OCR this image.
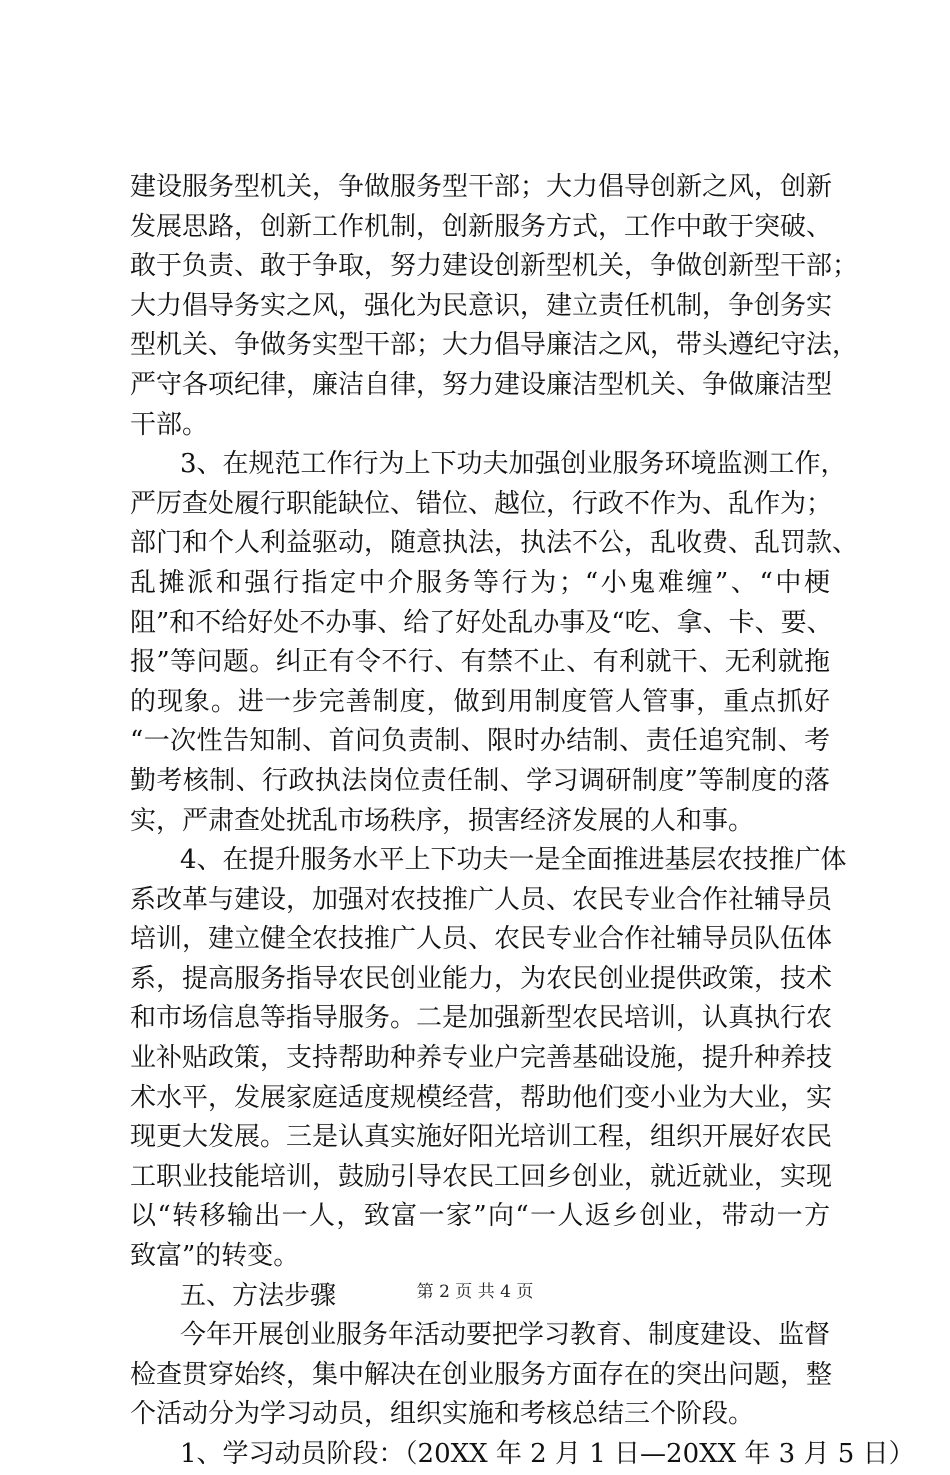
建设服务型机关，争做服务型干部；大力倡导创新之风，创新
发展思路，创新工作机制，创新服务方式，工作中敢于突破、
敢于负责、敢于争取，努力建设创新型机关，争做创新型干部；
大力倡导务实之风，强化为民意识，建立责任机制，争创务实
型机关、争做务实型干部；大力倡导廉洁之风，带头遵纪守法，
严守各项纪律，廉洁自律，努力建设廉洁型机关、争做廉洁型
干部。
3、在规范工作行为上下功夫加强创业服务环境监测工作，
严厉查处履行职能缺位、错位、越位，行政不作为、乱作为；
部门和个人利益驱动，随意执法，执法不公，乱收费、乱罚款、
乱摊派和强行指定中介服务等行为；“小鬼难缠”、“中梗
阻”和不给好处不办事、给了好处乱办事及“吃、拿、卡、要、
报”等问题。纠正有令不行、有禁不止、有利就干、无利就拖
的现象。进一步完善制度，做到用制度管人管事，重点抓好
“一次性告知制、首问负责制、限时办结制、责任追究制、考
勤考核制、行政执法岗位责任制、学习调研制度”等制度的落
实，严肃查处扰乱市场秩序，损害经济发展的人和事。
4、在提升服务水平上下功夫一是全面推进基层农技推广体
系改革与建设，加强对农技推广人员、农民专业合作社辅导员
培训，建立健全农技推广人员、农民专业合作社辅导员队伍体
系，提高服务指导农民创业能力，为农民创业提供政策，技术
和市场信息等指导服务。二是加强新型农民培训，认真执行农
业补贴政策，支持帮助种养专业户完善基础设施，提升种养技
术水平，发展家庭适度规模经营，帮助他们变小业为大业，实
现更大发展。三是认真实施好阳光培训工程，组织开展好农民
工职业技能培训，鼓励引导农民工回乡创业，就近就业，实现
以“转移输出一人，致富一家”向“一人返乡创业，带动一方
致富”的转变。
五、方法步骤
今年开展创业服务年活动要把学习教育、制度建设、监督
检查贯穿始终，集中解决在创业服务方面存在的突出问题，整
个活动分为学习动员，组织实施和考核总结三个阶段。
1、学习动员阶段：（20XX 年 2 月 1 日—20XX 年 3 月 5 日）
第 2 页 共 4 页
